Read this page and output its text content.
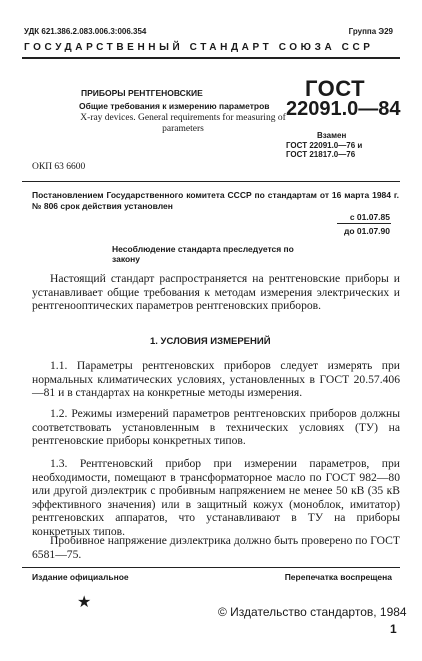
УДК 621.386.2.083.006.3:006.354	Группа Э29
ГОСУДАРСТВЕННЫЙ СТАНДАРТ СОЮЗА ССР
ПРИБОРЫ РЕНТГЕНОВСКИЕ
Общие требования к измерению параметров
X-ray devices. General requirements for measuring of parameters
ГОСТ
22091.0—84
Взамен
ГОСТ 22091.0—76 и
ГОСТ 21817.0—76
ОКП 63 6600
Постановлением Государственного комитета СССР по стандартам от 16 марта 1984 г. № 806 срок действия установлен
с 01.07.85
до 01.07.90
Несоблюдение стандарта преследуется по закону

Настоящий стандарт распространяется на рентгеновские приборы и устанавливает общие требования к методам измерения электрических и рентгенооптических параметров рентгеновских приборов.

1. УСЛОВИЯ ИЗМЕРЕНИЙ

1.1. Параметры рентгеновских приборов следует измерять при нормальных климатических условиях, установленных в ГОСТ 20.57.406—81 и в стандартах на конкретные методы измерения.

1.2. Режимы измерений параметров рентгеновских приборов должны соответствовать установленным в технических условиях (ТУ) на рентгеновские приборы конкретных типов.

1.3. Рентгеновский прибор при измерении параметров, при необходимости, помещают в трансформаторное масло по ГОСТ 982—80 или другой диэлектрик с пробивным напряжением не менее 50 кВ (35 кВ эффективного значения) или в защитный кожух (моноблок, имитатор) рентгеновских аппаратов, что устанавливают в ТУ на приборы конкретных типов.

Пробивное напряжение диэлектрика должно быть проверено по ГОСТ 6581—75.

Издание официальное	Перепечатка воспрещена
★
© Издательство стандартов, 1984
1
